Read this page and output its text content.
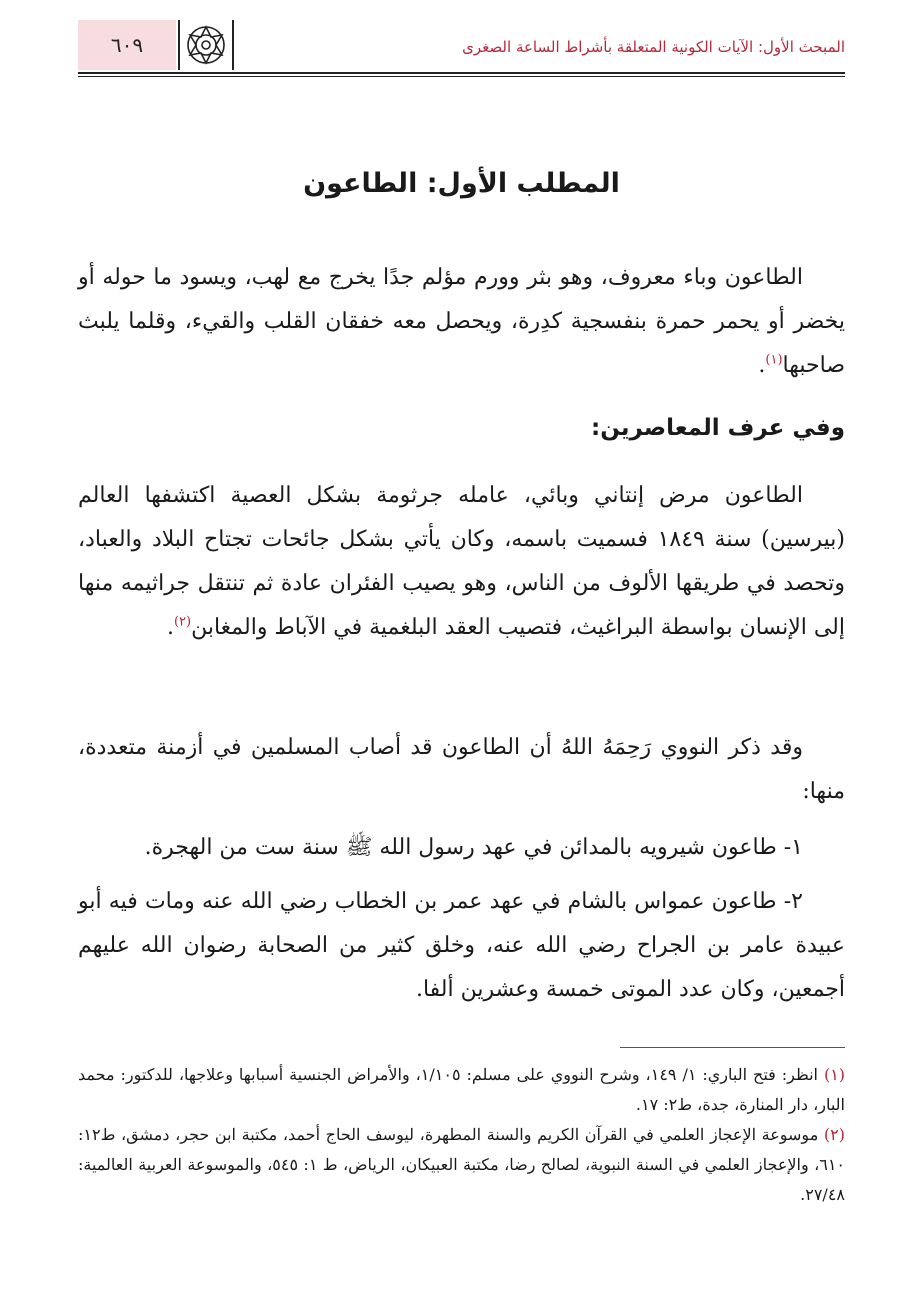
٦٠٩	المبحث الأول: الآيات الكونية المتعلقة بأشراط الساعة الصغرى
المطلب الأول: الطاعون
الطاعون وباء معروف، وهو بثر وورم مؤلم جدًا يخرج مع لهب، ويسود ما حوله أو يخضر أو يحمر حمرة بنفسجية كدِرة، ويحصل معه خفقان القلب والقيء، وقلما يلبث صاحبها$^{(١)}$.
وفي عرف المعاصرين:
الطاعون مرض إنتاني وبائي، عامله جرثومة بشكل العصية اكتشفها العالم (بيرسين) سنة ١٨٤٩ فسميت باسمه، وكان يأتي بشكل جائحات تجتاح البلاد والعباد، وتحصد في طريقها الألوف من الناس، وهو يصيب الفئران عادة ثم تنتقل جراثيمه منها إلى الإنسان بواسطة البراغيث، فتصيب العقد البلغمية في الآباط والمغابن$^{(٢)}$.
وقد ذكر النووي رَحِمَهُ اللهُ أن الطاعون قد أصاب المسلمين في أزمنة متعددة، منها:
١- طاعون شيرويه بالمدائن في عهد رسول الله ﷺ سنة ست من الهجرة.
٢- طاعون عمواس بالشام في عهد عمر بن الخطاب رضي الله عنه ومات فيه أبو عبيدة عامر بن الجراح رضي الله عنه، وخلق كثير من الصحابة رضوان الله عليهم أجمعين، وكان عدد الموتى خمسة وعشرين ألفا.

(١) انظر: فتح الباري: ١/ ١٤٩، وشرح النووي على مسلم: ١/١٠٥، والأمراض الجنسية أسبابها وعلاجها، للدكتور: محمد البار، دار المنارة، جدة، ط٢: ١٧.

(٢) موسوعة الإعجاز العلمي في القرآن الكريم والسنة المطهرة، ليوسف الحاج أحمد، مكتبة ابن حجر، دمشق، ط١٢: ٦١٠، والإعجاز العلمي في السنة النبوية، لصالح رضا، مكتبة العبيكان، الرياض، ط ١: ٥٤٥، والموسوعة العربية العالمية: ٢٧/٤٨.
